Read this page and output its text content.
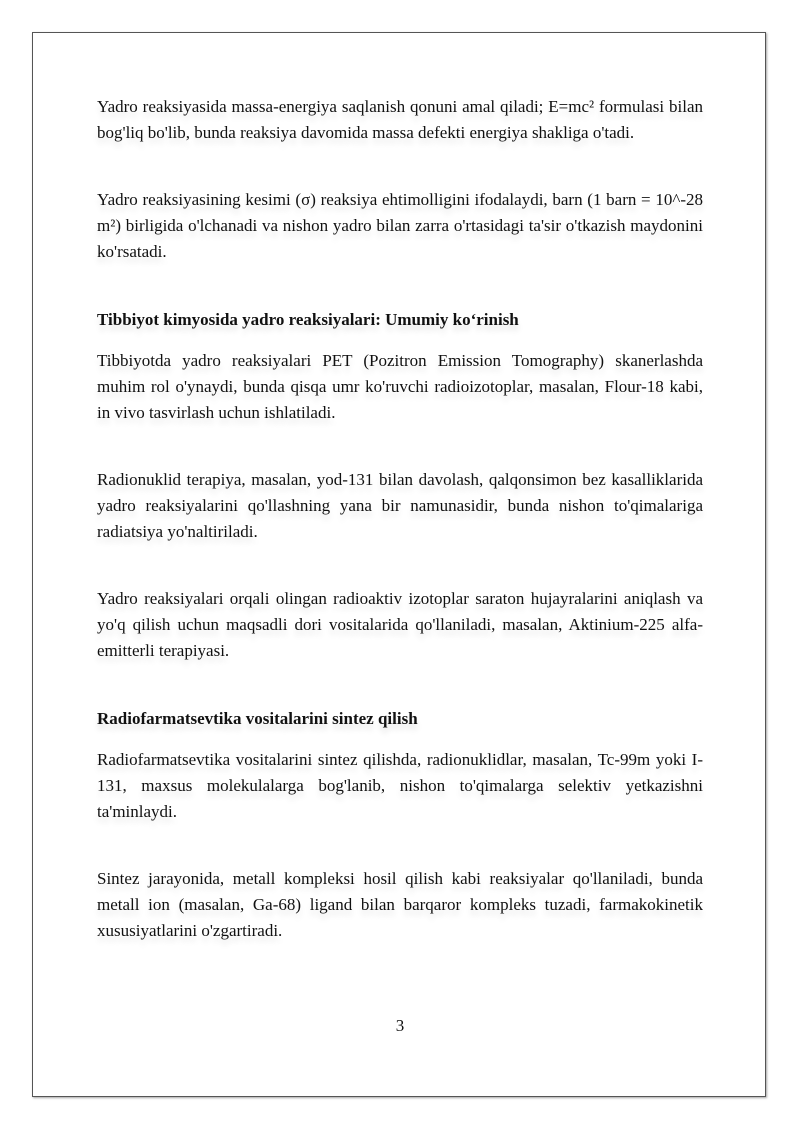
Yadro reaksiyasida massa-energiya saqlanish qonuni amal qiladi; E=mc² formulasi bilan bog'liq bo'lib, bunda reaksiya davomida massa defekti energiya shakliga o'tadi.

Yadro reaksiyasining kesimi (σ) reaksiya ehtimolligini ifodalaydi, barn (1 barn = 10^-28 m²) birligida o'lchanadi va nishon yadro bilan zarra o'rtasidagi ta'sir o'tkazish maydonini ko'rsatadi.

Tibbiyot kimyosida yadro reaksiyalari: Umumiy ko‘rinish

Tibbiyotda yadro reaksiyalari PET (Pozitron Emission Tomography) skanerlashda muhim rol o'ynaydi, bunda qisqa umr ko'ruvchi radioizotoplar, masalan, Flour-18 kabi, in vivo tasvirlash uchun ishlatiladi.

Radionuklid terapiya, masalan, yod-131 bilan davolash, qalqonsimon bez kasalliklarida yadro reaksiyalarini qo'llashning yana bir namunasidir, bunda nishon to'qimalariga radiatsiya yo'naltiriladi.

Yadro reaksiyalari orqali olingan radioaktiv izotoplar saraton hujayralarini aniqlash va yo'q qilish uchun maqsadli dori vositalarida qo'llaniladi, masalan, Aktinium-225 alfa-emitterli terapiyasi.

Radiofarmatsevtika vositalarini sintez qilish

Radiofarmatsevtika vositalarini sintez qilishda, radionuklidlar, masalan, Tc-99m yoki I-131, maxsus molekulalarga bog'lanib, nishon to'qimalarga selektiv yetkazishni ta'minlaydi.

Sintez jarayonida, metall kompleksi hosil qilish kabi reaksiyalar qo'llaniladi, bunda metall ion (masalan, Ga-68) ligand bilan barqaror kompleks tuzadi, farmakokinetik xususiyatlarini o'zgartiradi.

3
